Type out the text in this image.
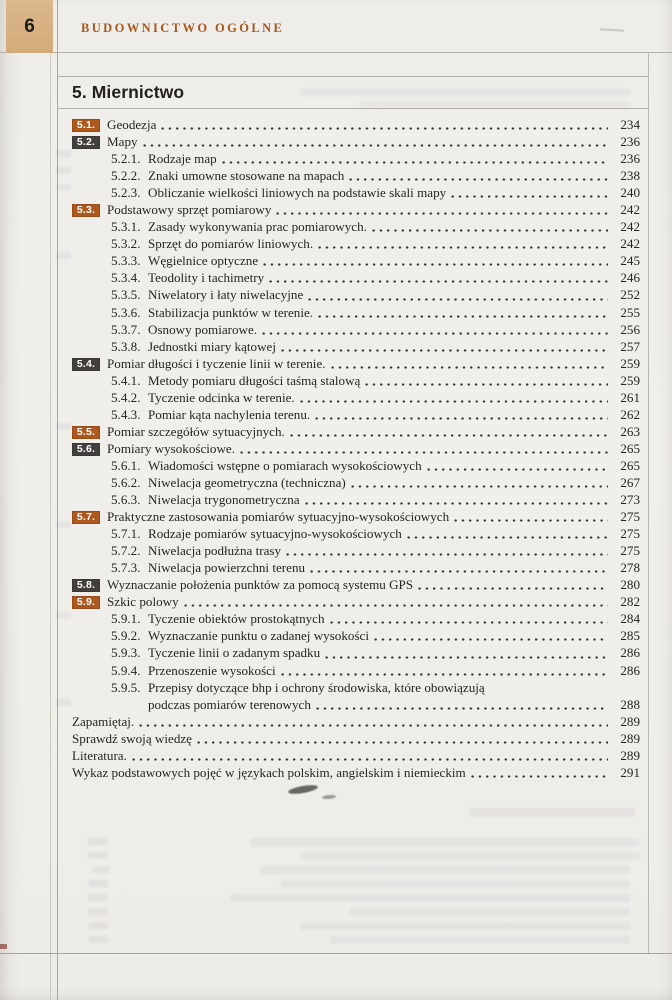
6	BUDOWNICTWO OGÓLNE
5. Miernictwo
5.1. Geodezja	234
5.2. Mapy	236
5.2.1. Rodzaje map	236
5.2.2. Znaki umowne stosowane na mapach	238
5.2.3. Obliczanie wielkości liniowych na podstawie skali mapy	240
5.3. Podstawowy sprzęt pomiarowy	242
5.3.1. Zasady wykonywania prac pomiarowych.	242
5.3.2. Sprzęt do pomiarów liniowych.	242
5.3.3. Węgielnice optyczne	245
5.3.4. Teodolity i tachimetry	246
5.3.5. Niwelatory i łaty niwelacyjne	252
5.3.6. Stabilizacja punktów w terenie.	255
5.3.7. Osnowy pomiarowe.	256
5.3.8. Jednostki miary kątowej	257
5.4. Pomiar długości i tyczenie linii w terenie.	259
5.4.1. Metody pomiaru długości taśmą stalową	259
5.4.2. Tyczenie odcinka w terenie.	261
5.4.3. Pomiar kąta nachylenia terenu.	262
5.5. Pomiar szczegółów sytuacyjnych.	263
5.6. Pomiary wysokościowe.	265
5.6.1. Wiadomości wstępne o pomiarach wysokościowych	265
5.6.2. Niwelacja geometryczna (techniczna)	267
5.6.3. Niwelacja trygonometryczna	273
5.7. Praktyczne zastosowania pomiarów sytuacyjno-wysokościowych	275
5.7.1. Rodzaje pomiarów sytuacyjno-wysokościowych	275
5.7.2. Niwelacja podłużna trasy	275
5.7.3. Niwelacja powierzchni terenu	278
5.8. Wyznaczanie położenia punktów za pomocą systemu GPS	280
5.9. Szkic polowy	282
5.9.1. Tyczenie obiektów prostokątnych	284
5.9.2. Wyznaczanie punktu o zadanej wysokości	285
5.9.3. Tyczenie linii o zadanym spadku	286
5.9.4. Przenoszenie wysokości	286
5.9.5. Przepisy dotyczące bhp i ochrony środowiska, które obowiązują
podczas pomiarów terenowych	288
Zapamiętaj.	289
Sprawdź swoją wiedzę	289
Literatura.	289
Wykaz podstawowych pojęć w językach polskim, angielskim i niemieckim	291
